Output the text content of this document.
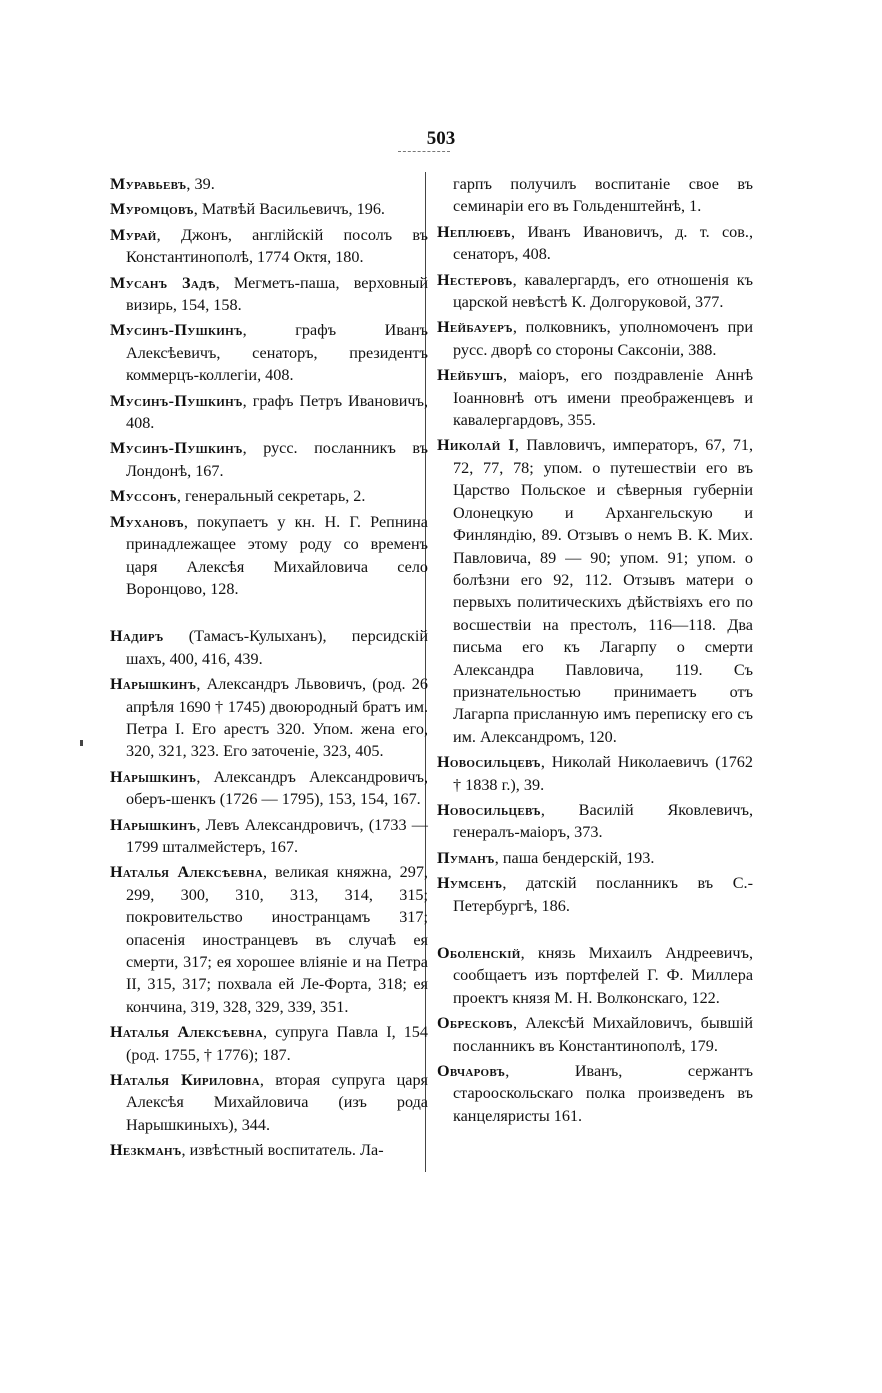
503

Муравьевъ, 39.

Муромцовъ, Матвѣй Васильевичъ, 196.

Мурай, Джонъ, англійскій посолъ въ Константинополѣ, 1774 Октя, 180.

Мусанъ Задѣ, Мегметъ-паша, верховный визирь, 154, 158.

Мусинъ-Пушкинъ, графъ Иванъ Алексѣевичъ, сенаторъ, президентъ коммерцъ-коллегіи, 408.

Мусинъ-Пушкинъ, графъ Петръ Ивановичъ, 408.

Мусинъ-Пушкинъ, русс. посланникъ въ Лондонѣ, 167.

Муссонъ, генеральный секретарь, 2.

Мухановъ, покупаетъ у кн. Н. Г. Репнина принадлежащее этому роду со временъ царя Алексѣя Михайловича село Воронцово, 128.

Надиръ (Тамасъ-Кулыханъ), персидскій шахъ, 400, 416, 439.

Нарышкинъ, Александръ Львовичъ, (род. 26 апрѣля 1690 † 1745) двоюродный братъ им. Петра I. Его арестъ 320. Упом. жена его, 320, 321, 323. Его заточеніе, 323, 405.

Нарышкинъ, Александръ Александровичъ, оберъ-шенкъ (1726 — 1795), 153, 154, 167.

Нарышкинъ, Левъ Александровичъ, (1733 — 1799 шталмейстеръ, 167.

Наталья Алексѣевна, великая княжна, 297, 299, 300, 310, 313, 314, 315; покровительство иностранцамъ 317; опасенія иностранцевъ въ случаѣ ея смерти, 317; ея хорошее вліяніе и на Петра II, 315, 317; похвала ей Ле-Форта, 318; ея кончина, 319, 328, 329, 339, 351.

Наталья Алексѣевна, супруга Павла I, 154 (род. 1755, † 1776); 187.

Наталья Кириловна, вторая супруга царя Алексѣя Михайловича (изъ рода Нарышкиныхъ), 344.

Незкманъ, извѣстный воспитатель. Ла-

гарпъ получилъ воспитаніе свое въ семинаріи его въ Гольденштейнѣ, 1.

Неплюевъ, Иванъ Ивановичъ, д. т. сов., сенаторъ, 408.

Нестеровъ, кавалергардъ, его отношенія къ царской невѣстѣ К. Долгоруковой, 377.

Нейбауеръ, полковникъ, уполномоченъ при русс. дворѣ со стороны Саксоніи, 388.

Нейбушъ, маіоръ, его поздравленіе Аннѣ Іоанновнѣ отъ имени преображенцевъ и кавалергардовъ, 355.

Николай I, Павловичъ, императоръ, 67, 71, 72, 77, 78; упом. о путешествіи его въ Царство Польское и сѣверныя губерніи Олонецкую и Архангельскую и Финляндію, 89. Отзывъ о немъ В. К. Мих. Павловича, 89 — 90; упом. 91; упом. о болѣзни его 92, 112. Отзывъ матери о первыхъ политическихъ дѣйствіяхъ его по восшествіи на престолъ, 116—118. Два письма его къ Лагарпу о смерти Александра Павловича, 119. Съ признательностью принимаетъ отъ Лагарпа присланную имъ переписку его съ им. Александромъ, 120.

Новосильцевъ, Николай Николаевичъ (1762 † 1838 г.), 39.

Новосильцевъ, Василій Яковлевичъ, генералъ-маіоръ, 373.

Пуманъ, паша бендерскій, 193.

Нумсенъ, датскій посланникъ въ С.-Петербургѣ, 186.

Оболенскій, князь Михаилъ Андреевичъ, сообщаетъ изъ портфелей Г. Ф. Миллера проектъ князя М. Н. Волконскаго, 122.

Обресковъ, Алексѣй Михайловичъ, бывшій посланникъ въ Константинополѣ, 179.

Овчаровъ, Иванъ, сержантъ старооскольскаго полка произведенъ въ канцеляристы 161.
